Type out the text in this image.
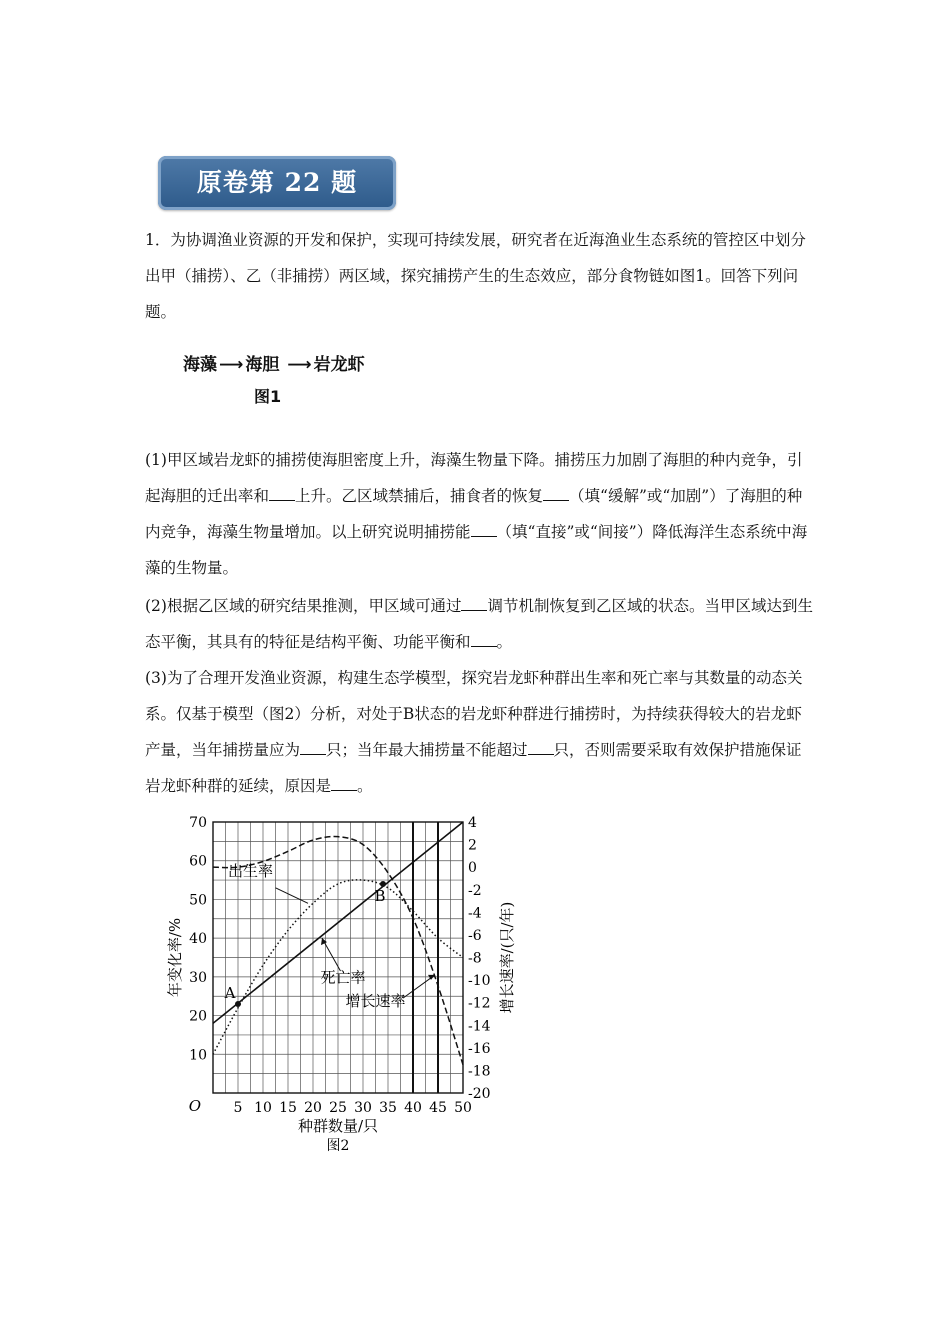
原卷第 22 题

1．为协调渔业资源的开发和保护，实现可持续发展，研究者在近海渔业生态系统的管控区中划分出甲（捕捞）、乙（非捕捞）两区域，探究捕捞产生的生态效应，部分食物链如图1。回答下列问题。

海藻 ⟶ 海胆 ⟶ 岩龙虾
图1

(1)甲区域岩龙虾的捕捞使海胆密度上升，海藻生物量下降。捕捞压力加剧了海胆的种内竞争，引起海胆的迁出率和 上升。乙区域禁捕后，捕食者的恢复 （填“缓解”或“加剧”）了海胆的种内竞争，海藻生物量增加。以上研究说明捕捞能 （填“直接”或“间接”）降低海洋生态系统中海藻的生物量。

(2)根据乙区域的研究结果推测，甲区域可通过 调节机制恢复到乙区域的状态。当甲区域达到生态平衡，其具有的特征是结构平衡、功能平衡和 。

(3)为了合理开发渔业资源，构建生态学模型，探究岩龙虾种群出生率和死亡率与其数量的动态关系。仅基于模型（图2）分析，对处于B状态的岩龙虾种群进行捕捞时，为持续获得较大的岩龙虾产量，当年捕捞量应为 只；当年最大捕捞量不能超过 只，否则需要采取有效保护措施保证岩龙虾种群的延续，原因是 。

5 10 15 20 25 30 35 40 45 50
10
20
30
40
50
60
70	4
2
0
-2
-4
-6
-8
-10
-12
-14
-16
-18
-20
O
种群数量/只
图2
年变化率/%	增长速率/(只/年)
出生率
死亡率
增长速率
A
B
